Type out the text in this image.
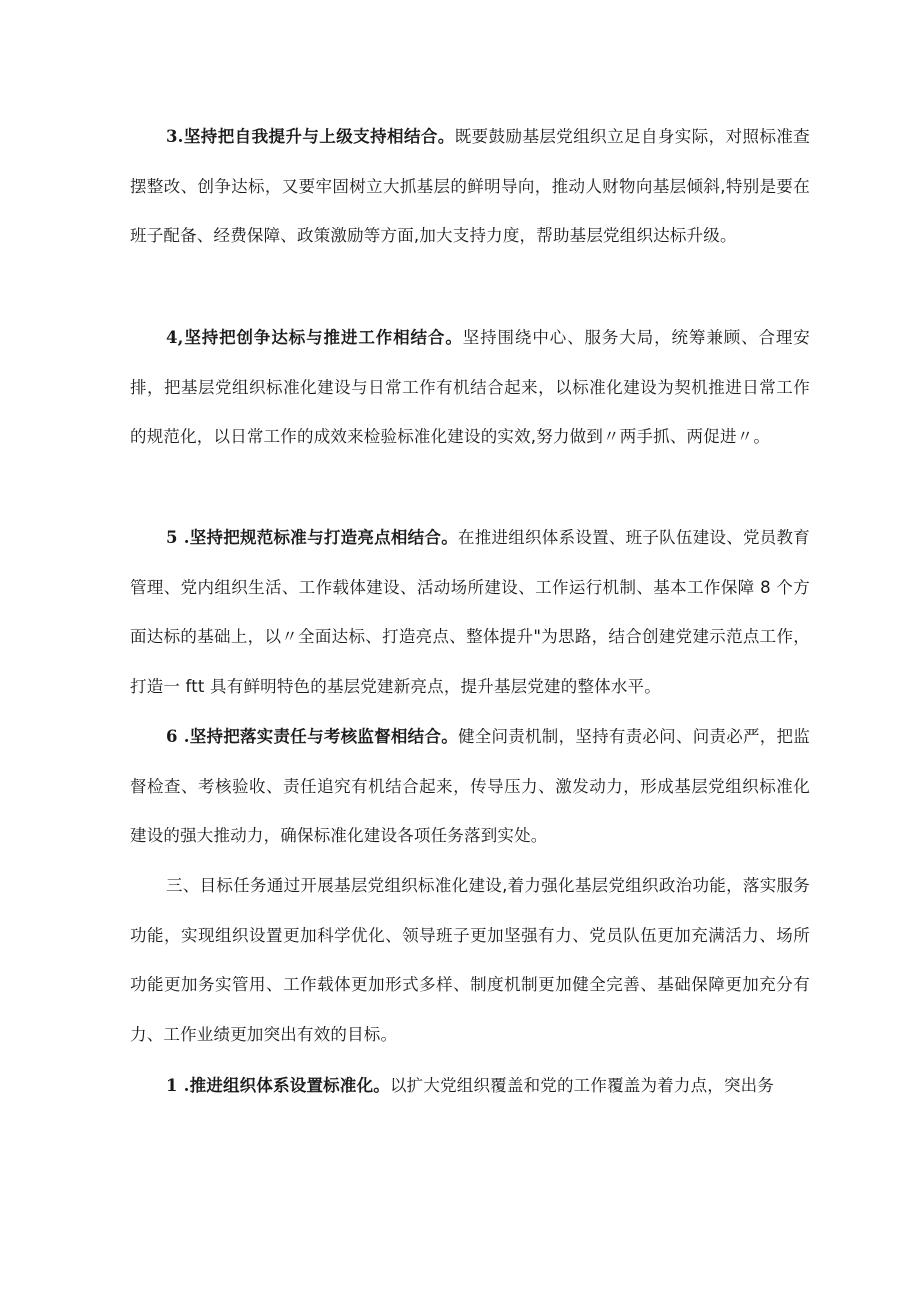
3.坚持把自我提升与上级支持相结合。既要鼓励基层党组织立足自身实际，对照标准查摆整改、创争达标，又要牢固树立大抓基层的鲜明导向，推动人财物向基层倾斜,特别是要在班子配备、经费保障、政策激励等方面,加大支持力度，帮助基层党组织达标升级。

4,坚持把创争达标与推进工作相结合。坚持围绕中心、服务大局，统筹兼顾、合理安排，把基层党组织标准化建设与日常工作有机结合起来，以标准化建设为契机推进日常工作的规范化，以日常工作的成效来检验标准化建设的实效,努力做到〃两手抓、两促进〃。

5 .坚持把规范标准与打造亮点相结合。在推进组织体系设置、班子队伍建设、党员教育管理、党内组织生活、工作载体建设、活动场所建设、工作运行机制、基本工作保障 8 个方面达标的基础上，以〃全面达标、打造亮点、整体提升"为思路，结合创建党建示范点工作，打造一 ftt 具有鲜明特色的基层党建新亮点，提升基层党建的整体水平。

6 .坚持把落实责任与考核监督相结合。健全问责机制，坚持有责必问、问责必严，把监督检查、考核验收、责任追究有机结合起来，传导压力、激发动力，形成基层党组织标准化建设的强大推动力，确保标准化建设各项任务落到实处。

三、目标任务通过开展基层党组织标准化建设,着力强化基层党组织政治功能，落实服务功能，实现组织设置更加科学优化、领导班子更加坚强有力、党员队伍更加充满活力、场所功能更加务实管用、工作载体更加形式多样、制度机制更加健全完善、基础保障更加充分有力、工作业绩更加突出有效的目标。

1 .推进组织体系设置标准化。以扩大党组织覆盖和党的工作覆盖为着力点，突出务
